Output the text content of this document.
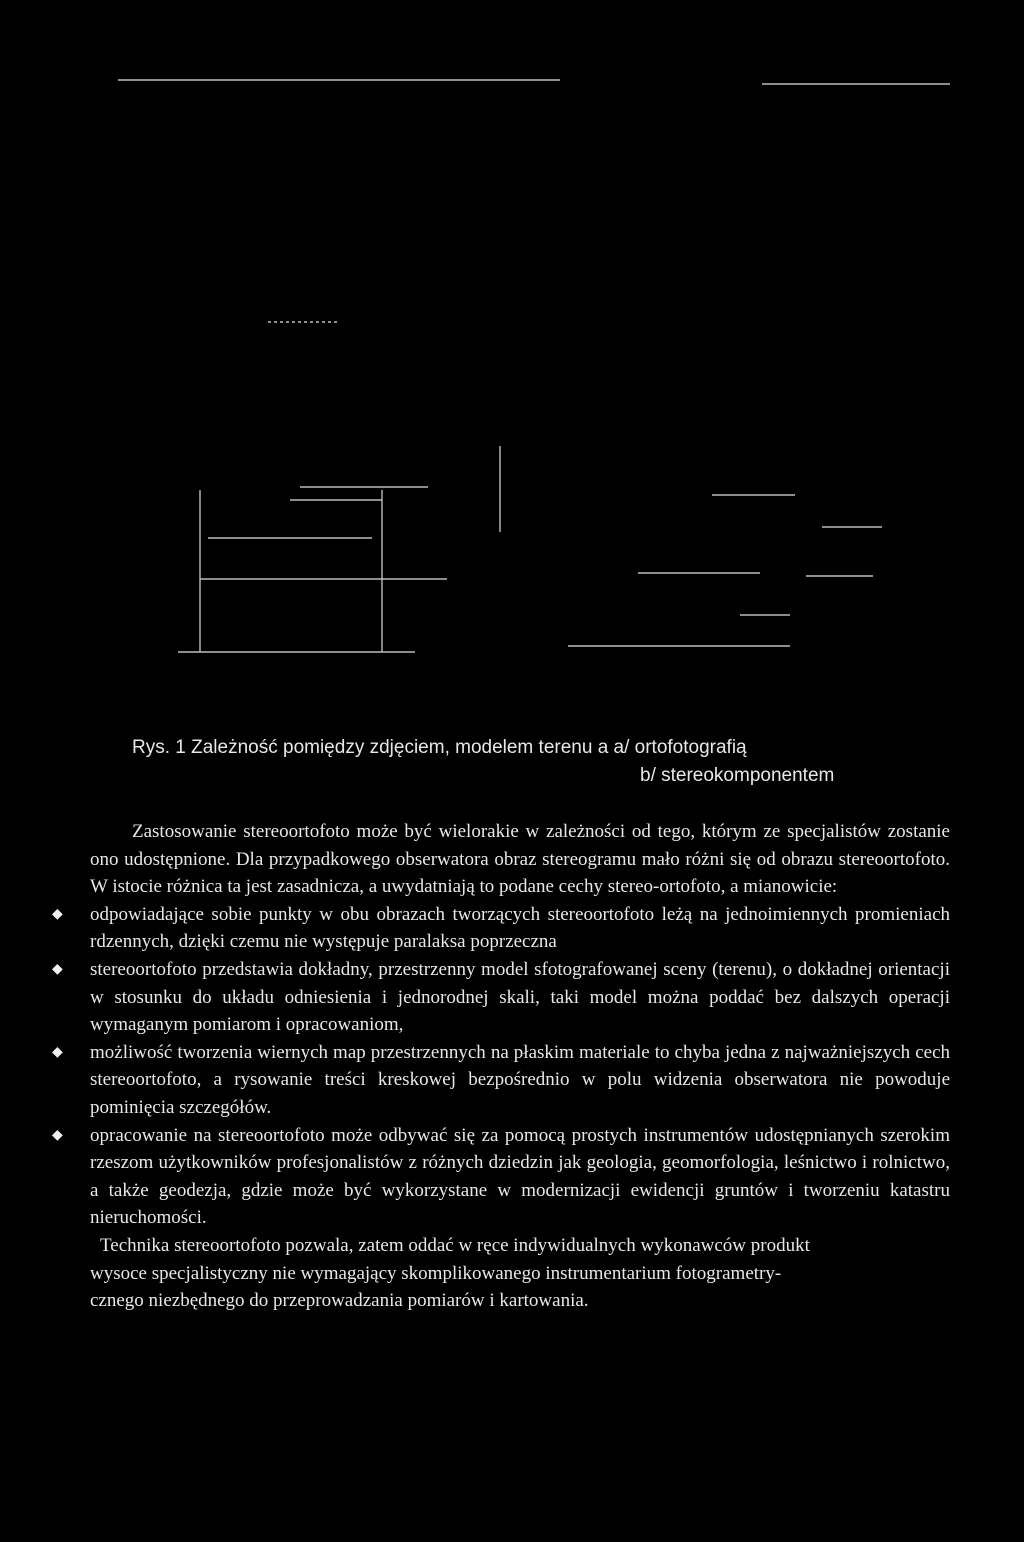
Rys. 1 Zależność pomiędzy zdjęciem, modelem terenu a a/ ortofotografią
b/ stereokomponentem

Zastosowanie stereoortofoto może być wielorakie w zależności od tego, którym ze specjalistów zostanie ono udostępnione. Dla przypadkowego obserwatora obraz stereogramu mało różni się od obrazu stereoortofoto. W istocie różnica ta jest zasadnicza, a uwydatniają to podane cechy stereo-ortofoto, a mianowicie:

◆ odpowiadające sobie punkty w obu obrazach tworzących stereoortofoto leżą na jednoimiennych promieniach rdzennych, dzięki czemu nie występuje paralaksa poprzeczna
◆ stereoortofoto przedstawia dokładny, przestrzenny model sfotografowanej sceny (terenu), o dokładnej orientacji w stosunku do układu odniesienia i jednorodnej skali, taki model można poddać bez dalszych operacji wymaganym pomiarom i opracowaniom,
◆ możliwość tworzenia wiernych map przestrzennych na płaskim materiale to chyba jedna z najważniejszych cech stereoortofoto, a rysowanie treści kreskowej bezpośrednio w polu widzenia obserwatora nie powoduje pominięcia szczegółów.
◆ opracowanie na stereoortofoto może odbywać się za pomocą prostych instrumentów udostępnianych szerokim rzeszom użytkowników profesjonalistów z różnych dziedzin jak geologia, geomorfologia, leśnictwo i rolnictwo, a także geodezja, gdzie może być wykorzystane w modernizacji ewidencji gruntów i tworzeniu katastru nieruchomości.

Technika stereoortofoto pozwala, zatem oddać w ręce indywidualnych wykonawców produkt

wysoce specjalistyczny nie wymagający skomplikowanego instrumentarium fotogrametry-

cznego niezbędnego do przeprowadzania pomiarów i kartowania.
